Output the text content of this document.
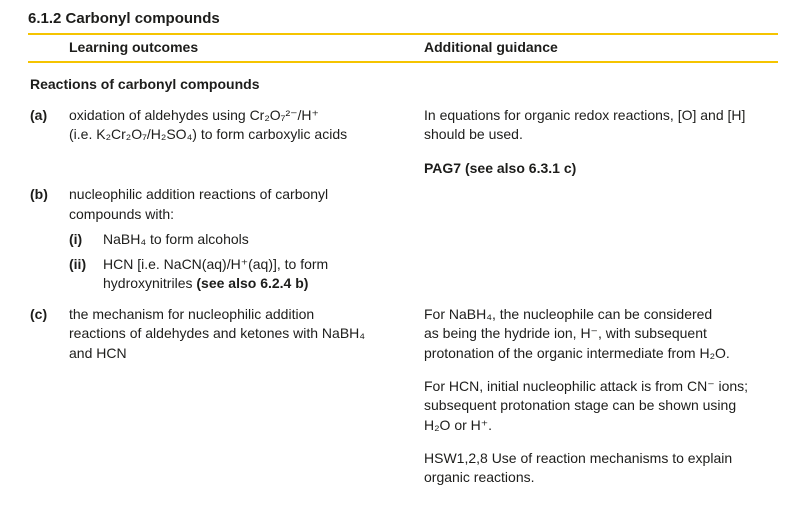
6.1.2 Carbonyl compounds
Learning outcomes	Additional guidance
Reactions of carbonyl compounds
(a) oxidation of aldehydes using Cr₂O₇²⁻/H⁺
(i.e. K₂Cr₂O₇/H₂SO₄) to form carboxylic acids
In equations for organic redox reactions, [O] and [H]
should be used.
PAG7 (see also 6.3.1 c)
(b) nucleophilic addition reactions of carbonyl
compounds with:
(i) NaBH₄ to form alcohols
(ii) HCN [i.e. NaCN(aq)/H⁺(aq)], to form
hydroxynitriles (see also 6.2.4 b)
(c) the mechanism for nucleophilic addition
reactions of aldehydes and ketones with NaBH₄
and HCN
For NaBH₄, the nucleophile can be considered
as being the hydride ion, H⁻, with subsequent
protonation of the organic intermediate from H₂O.
For HCN, initial nucleophilic attack is from CN⁻ ions;
subsequent protonation stage can be shown using
H₂O or H⁺.
HSW1,2,8 Use of reaction mechanisms to explain
organic reactions.
